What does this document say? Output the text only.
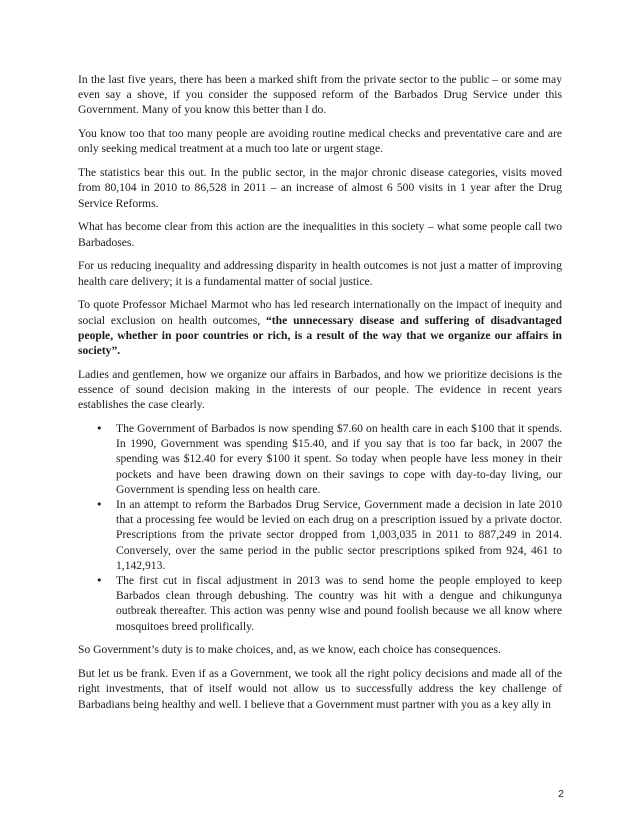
In the last five years, there has been a marked shift from the private sector to the public – or some may even say a shove, if you consider the supposed reform of the Barbados Drug Service under this Government. Many of you know this better than I do.

You know too that too many people are avoiding routine medical checks and preventative care and are only seeking medical treatment at a much too late or urgent stage.

The statistics bear this out. In the public sector, in the major chronic disease categories, visits moved from 80,104 in 2010 to 86,528 in 2011 – an increase of almost 6 500 visits in 1 year after the Drug Service Reforms.

What has become clear from this action are the inequalities in this society – what some people call two Barbadoses.

For us reducing inequality and addressing disparity in health outcomes is not just a matter of improving health care delivery; it is a fundamental matter of social justice.

To quote Professor Michael Marmot who has led research internationally on the impact of inequity and social exclusion on health outcomes, “the unnecessary disease and suffering of disadvantaged people, whether in poor countries or rich, is a result of the way that we organize our affairs in society”.

Ladies and gentlemen, how we organize our affairs in Barbados, and how we prioritize decisions is the essence of sound decision making in the interests of our people. The evidence in recent years establishes the case clearly.

• The Government of Barbados is now spending $7.60 on health care in each $100 that it spends. In 1990, Government was spending $15.40, and if you say that is too far back, in 2007 the spending was $12.40 for every $100 it spent. So today when people have less money in their pockets and have been drawing down on their savings to cope with day-to-day living, our Government is spending less on health care.
• In an attempt to reform the Barbados Drug Service, Government made a decision in late 2010 that a processing fee would be levied on each drug on a prescription issued by a private doctor. Prescriptions from the private sector dropped from 1,003,035 in 2011 to 887,249 in 2014. Conversely, over the same period in the public sector prescriptions spiked from 924, 461 to 1,142,913.
• The first cut in fiscal adjustment in 2013 was to send home the people employed to keep Barbados clean through debushing. The country was hit with a dengue and chikungunya outbreak thereafter. This action was penny wise and pound foolish because we all know where mosquitoes breed prolifically.

So Government’s duty is to make choices, and, as we know, each choice has consequences.

But let us be frank. Even if as a Government, we took all the right policy decisions and made all of the right investments, that of itself would not allow us to successfully address the key challenge of Barbadians being healthy and well. I believe that a Government must partner with you as a key ally in

2
